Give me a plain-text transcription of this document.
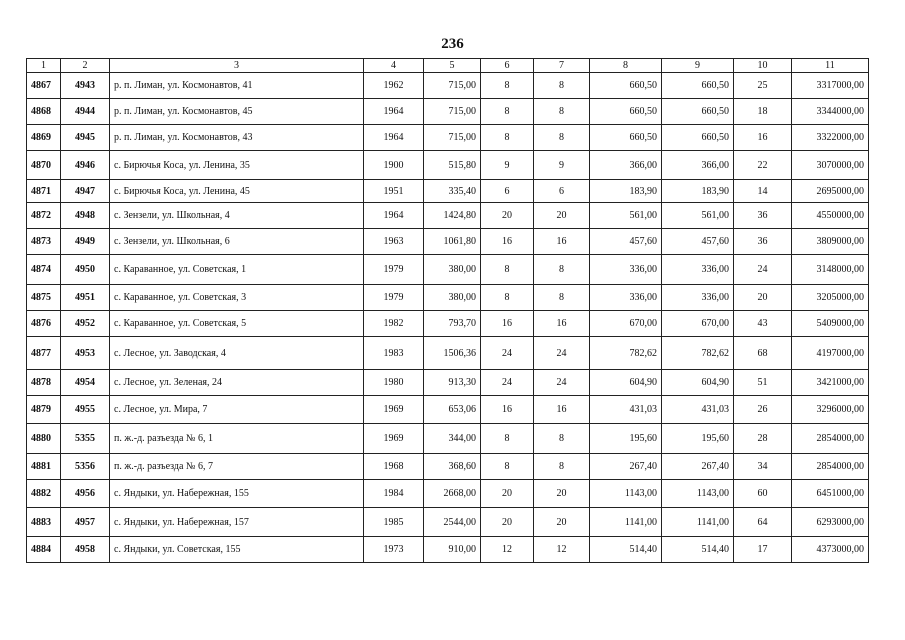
236
1	2	3	4	5	6	7	8	9	10	11
4867	4943	р. п. Лиман, ул. Космонавтов, 41	1962	715,00	8	8	660,50	660,50	25	3317000,00
4868	4944	р. п. Лиман, ул. Космонавтов, 45	1964	715,00	8	8	660,50	660,50	18	3344000,00
4869	4945	р. п. Лиман, ул. Космонавтов, 43	1964	715,00	8	8	660,50	660,50	16	3322000,00
4870	4946	с. Бирючья Коса, ул. Ленина, 35	1900	515,80	9	9	366,00	366,00	22	3070000,00
4871	4947	с. Бирючья Коса, ул. Ленина, 45	1951	335,40	6	6	183,90	183,90	14	2695000,00
4872	4948	с. Зензели, ул. Школьная, 4	1964	1424,80	20	20	561,00	561,00	36	4550000,00
4873	4949	с. Зензели, ул. Школьная, 6	1963	1061,80	16	16	457,60	457,60	36	3809000,00
4874	4950	с. Караванное, ул. Советская, 1	1979	380,00	8	8	336,00	336,00	24	3148000,00
4875	4951	с. Караванное, ул. Советская, 3	1979	380,00	8	8	336,00	336,00	20	3205000,00
4876	4952	с. Караванное, ул. Советская, 5	1982	793,70	16	16	670,00	670,00	43	5409000,00
4877	4953	с. Лесное, ул. Заводская, 4	1983	1506,36	24	24	782,62	782,62	68	4197000,00
4878	4954	с. Лесное, ул. Зеленая, 24	1980	913,30	24	24	604,90	604,90	51	3421000,00
4879	4955	с. Лесное, ул. Мира, 7	1969	653,06	16	16	431,03	431,03	26	3296000,00
4880	5355	п. ж.-д. разъезда № 6, 1	1969	344,00	8	8	195,60	195,60	28	2854000,00
4881	5356	п. ж.-д. разъезда № 6, 7	1968	368,60	8	8	267,40	267,40	34	2854000,00
4882	4956	с. Яндыки, ул. Набережная, 155	1984	2668,00	20	20	1143,00	1143,00	60	6451000,00
4883	4957	с. Яндыки, ул. Набережная, 157	1985	2544,00	20	20	1141,00	1141,00	64	6293000,00
4884	4958	с. Яндыки, ул. Советская, 155	1973	910,00	12	12	514,40	514,40	17	4373000,00
